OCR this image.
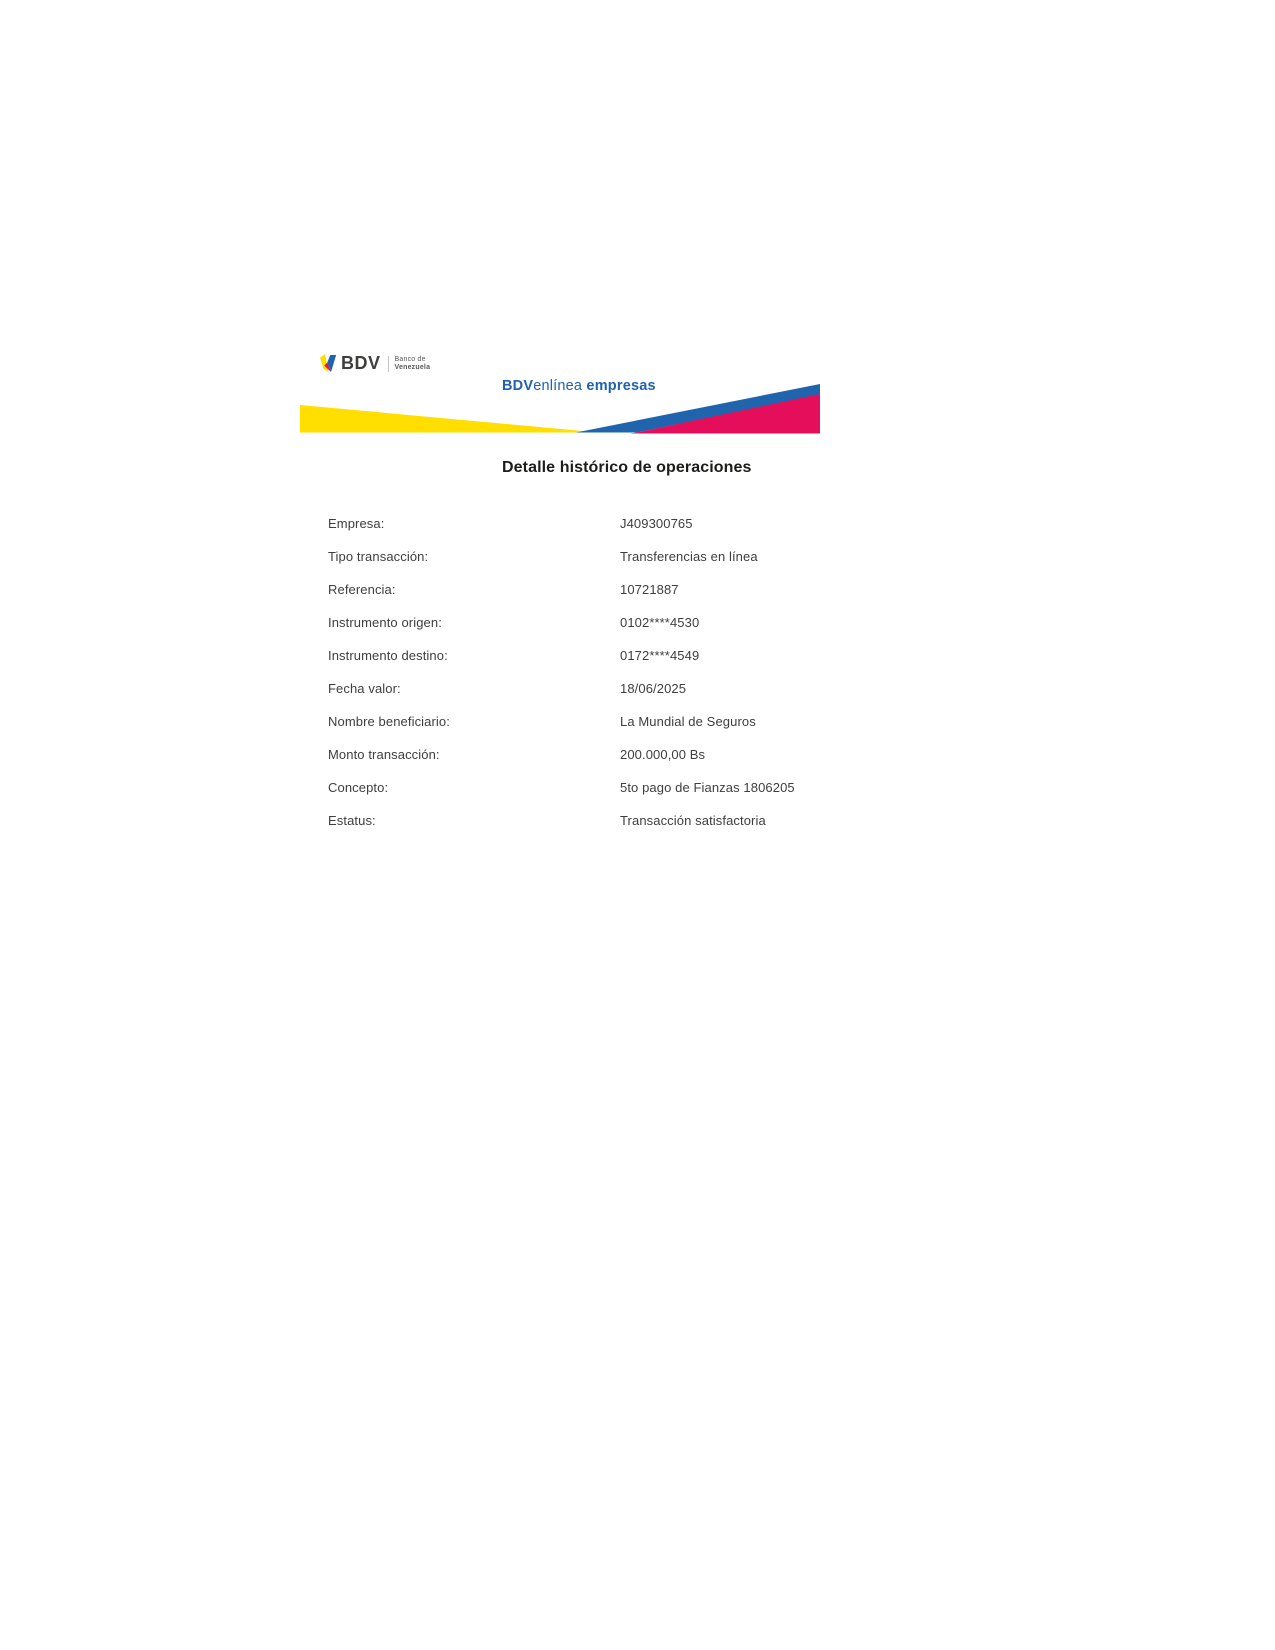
BDV Banco de
Venezuela
BDVenlínea empresas
Detalle histórico de operaciones
Empresa:	J409300765
Tipo transacción:	Transferencias en línea
Referencia:	10721887
Instrumento origen:	0102****4530
Instrumento destino:	0172****4549
Fecha valor:	18/06/2025
Nombre beneficiario:	La Mundial de Seguros
Monto transacción:	200.000,00 Bs
Concepto:	5to pago de Fianzas 1806205
Estatus:	Transacción satisfactoria
